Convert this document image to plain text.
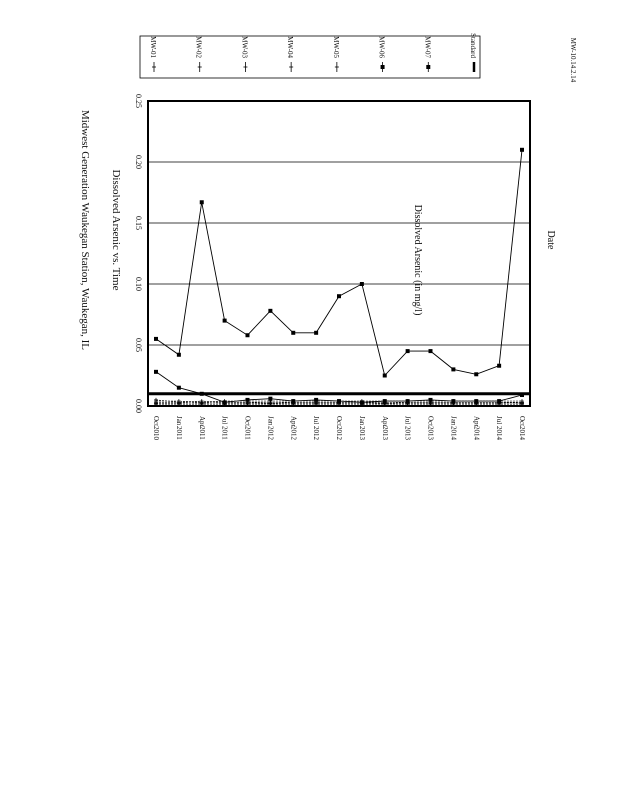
Midwest Generation Waukegan Station, Waukegan, IL Dissolved Arsenic vs. Time	Dissolved Arsenic (in mg/l)	Date
MW-10.14.2.14
0.00
0.05
0.10
0.15
0.20
0.25
Oct2010
Jan2011
Apr2011
Jul2011
Oct2011
Jan2012
Apr2012
Jul2012
Oct2012
Jan2013
Apr2013
Jul2013
Oct2013
Jan2014
Apr2014
Jul2014
Oct2014
MW-01	MW-02	MW-03	MW-04	MW-05	MW-06	MW-07	Standard
